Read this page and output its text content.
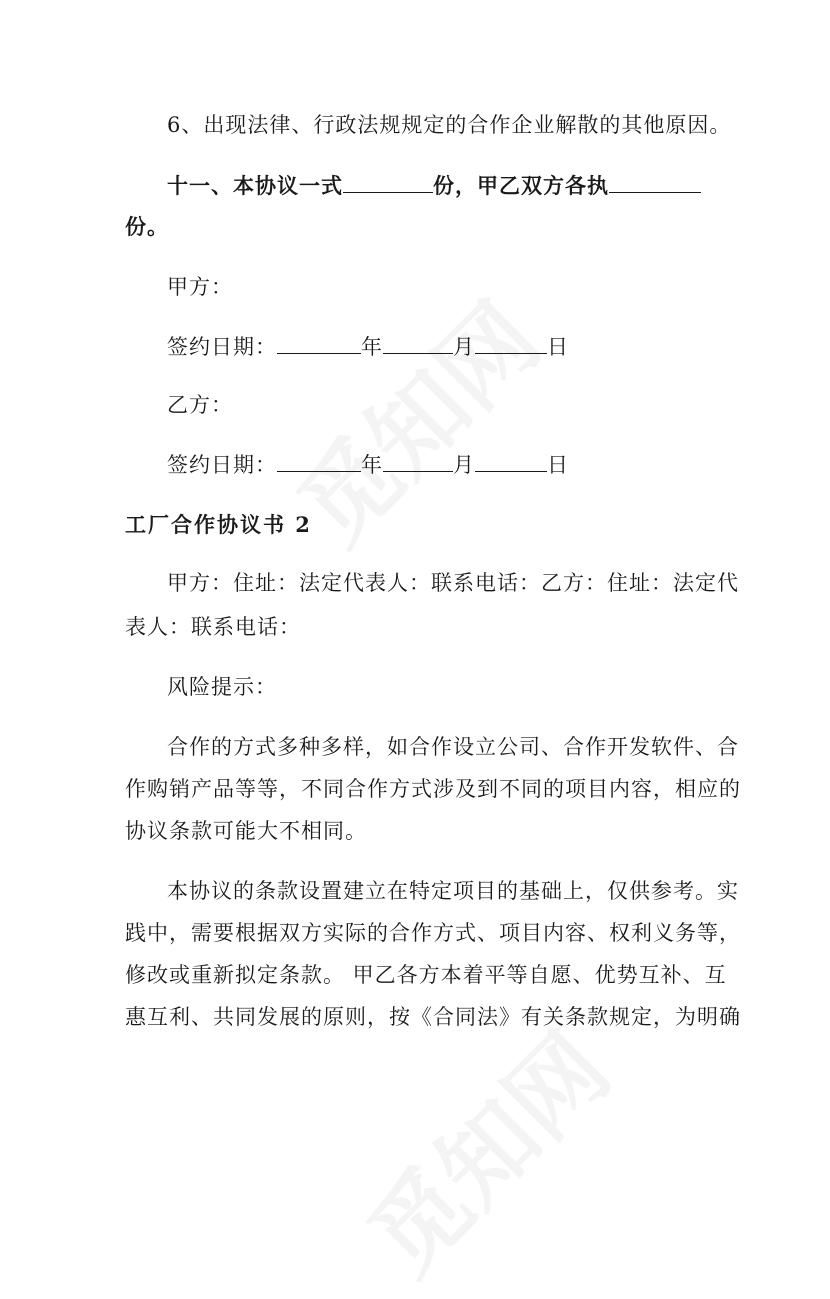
6、出现法律、行政法规规定的合作企业解散的其他原因。
十一、本协议一式	份，甲乙双方各执
份。
甲方：
签约日期：	年	月	日
乙方：
签约日期：	年	月	日
工厂合作协议书 2
甲方：住址：法定代表人：联系电话：乙方：住址：法定代
表人：联系电话：
风险提示：
合作的方式多种多样，如合作设立公司、合作开发软件、合
作购销产品等等，不同合作方式涉及到不同的项目内容，相应的
协议条款可能大不相同。
本协议的条款设置建立在特定项目的基础上，仅供参考。实
践中，需要根据双方实际的合作方式、项目内容、权利义务等，
修改或重新拟定条款。 甲乙各方本着平等自愿、优势互补、互
惠互利、共同发展的原则，按《合同法》有关条款规定，为明确
